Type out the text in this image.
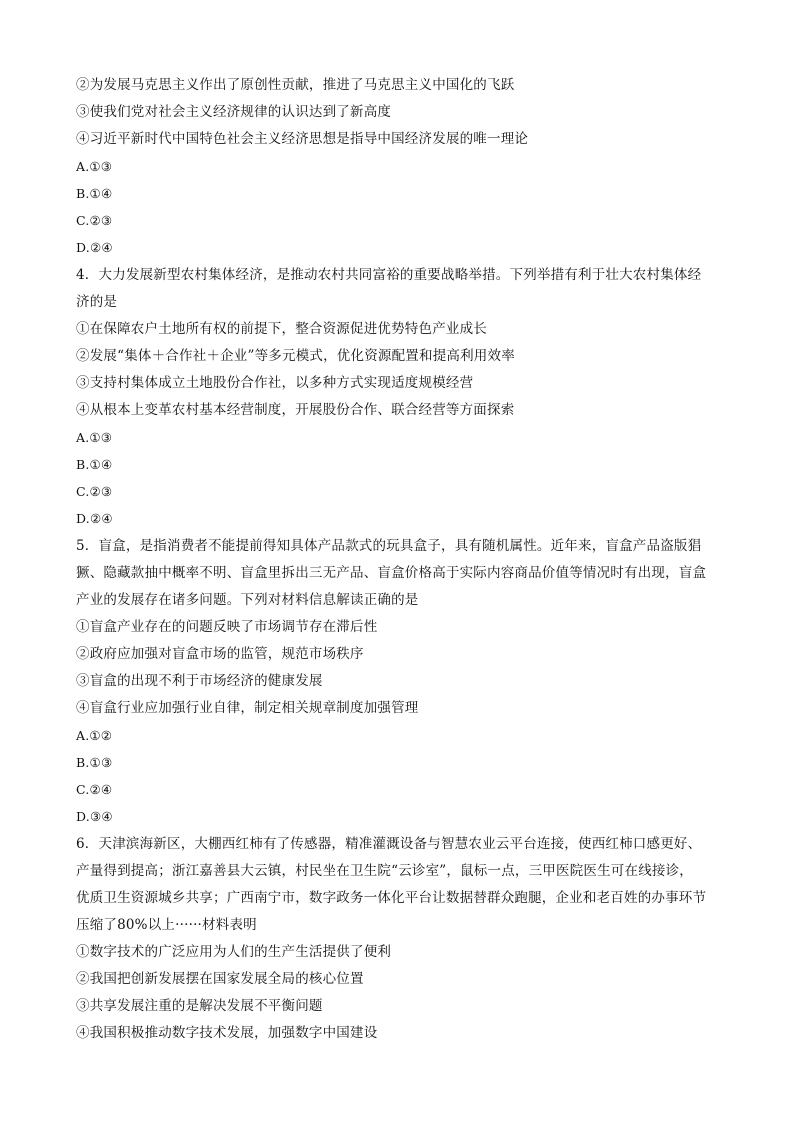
②为发展马克思主义作出了原创性贡献，推进了马克思主义中国化的飞跃
③使我们党对社会主义经济规律的认识达到了新高度
④习近平新时代中国特色社会主义经济思想是指导中国经济发展的唯一理论
A.①③
B.①④
C.②③
D.②④
4．大力发展新型农村集体经济，是推动农村共同富裕的重要战略举措。下列举措有利于壮大农村集体经
济的是
①在保障农户土地所有权的前提下，整合资源促进优势特色产业成长
②发展“集体＋合作社＋企业”等多元模式，优化资源配置和提高利用效率
③支持村集体成立土地股份合作社，以多种方式实现适度规模经营
④从根本上变革农村基本经营制度，开展股份合作、联合经营等方面探索
A.①③
B.①④
C.②③
D.②④
5．盲盒，是指消费者不能提前得知具体产品款式的玩具盒子，具有随机属性。近年来，盲盒产品盗版猖
獗、隐藏款抽中概率不明、盲盒里拆出三无产品、盲盒价格高于实际内容商品价值等情况时有出现，盲盒
产业的发展存在诸多问题。下列对材料信息解读正确的是
①盲盒产业存在的问题反映了市场调节存在滞后性
②政府应加强对盲盒市场的监管，规范市场秩序
③盲盒的出现不利于市场经济的健康发展
④盲盒行业应加强行业自律，制定相关规章制度加强管理
A.①②
B.①③
C.②④
D.③④
6．天津滨海新区，大棚西红柿有了传感器，精准灌溉设备与智慧农业云平台连接，使西红柿口感更好、
产量得到提高；浙江嘉善县大云镇，村民坐在卫生院“云诊室”，鼠标一点，三甲医院医生可在线接诊，
优质卫生资源城乡共享；广西南宁市，数字政务一体化平台让数据替群众跑腿，企业和老百姓的办事环节
压缩了80%以上······材料表明
①数字技术的广泛应用为人们的生产生活提供了便利
②我国把创新发展摆在国家发展全局的核心位置
③共享发展注重的是解决发展不平衡问题
④我国积极推动数字技术发展，加强数字中国建设
